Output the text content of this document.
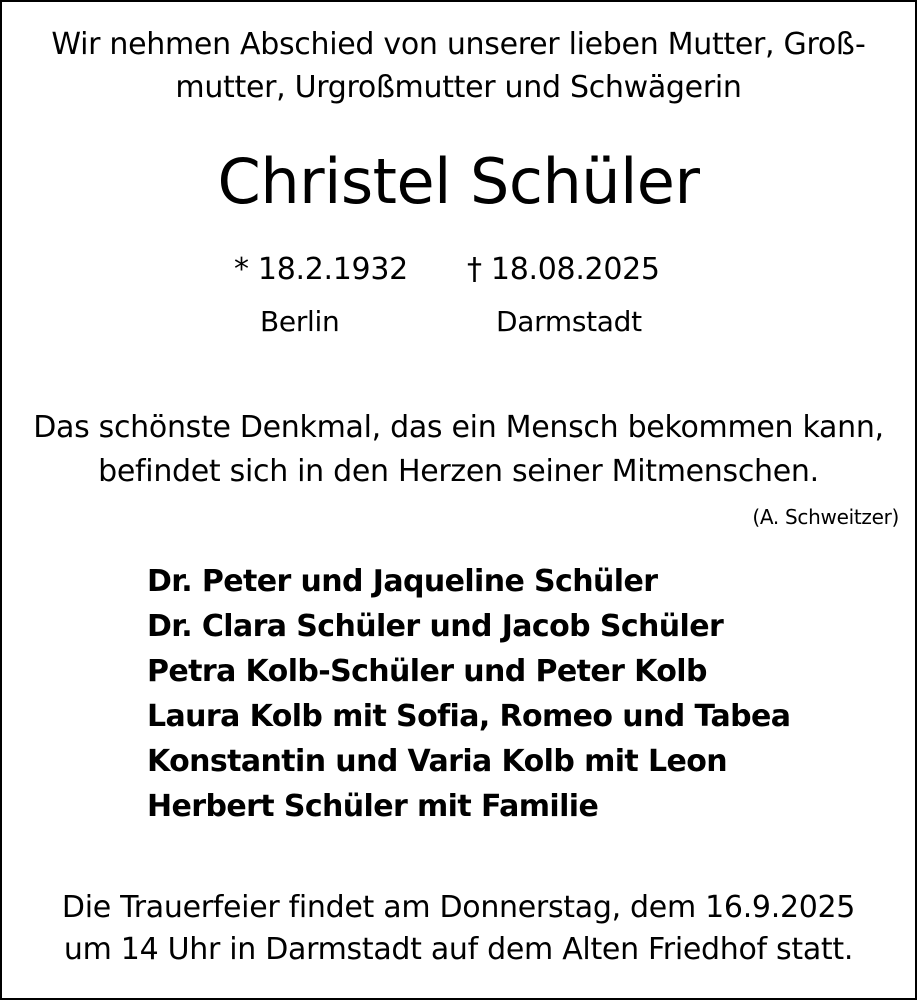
Wir nehmen Abschied von unserer lieben Mutter, Groß-
mutter, Urgroßmutter und Schwägerin
Christel Schüler
* 18.2.1932 † 18.08.2025
Berlin	Darmstadt
Das schönste Denkmal, das ein Mensch bekommen kann,
befindet sich in den Herzen seiner Mitmenschen.
(A. Schweitzer)
Dr. Peter und Jaqueline Schüler
Dr. Clara Schüler und Jacob Schüler
Petra Kolb-Schüler und Peter Kolb
Laura Kolb mit Sofia, Romeo und Tabea
Konstantin und Varia Kolb mit Leon
Herbert Schüler mit Familie
Die Trauerfeier findet am Donnerstag, dem 16.9.2025
um 14 Uhr in Darmstadt auf dem Alten Friedhof statt.
